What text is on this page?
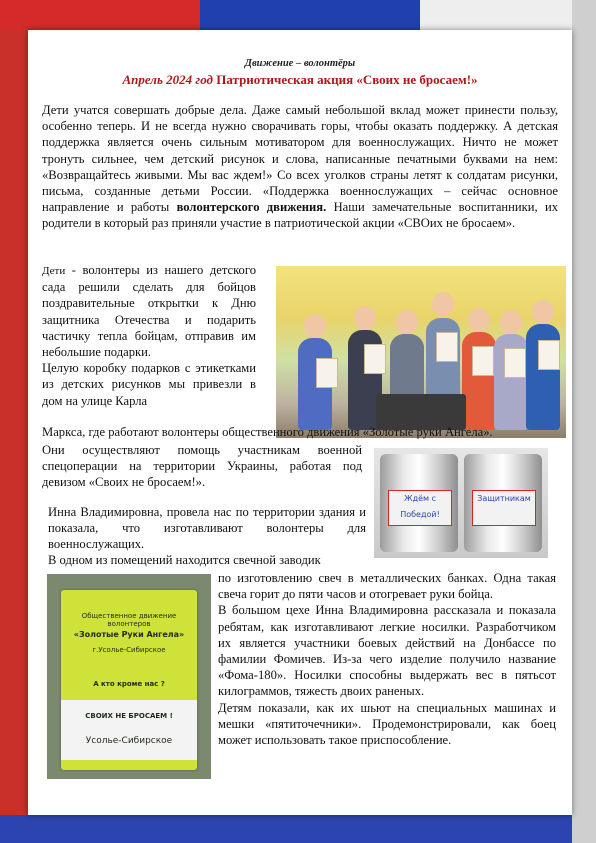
Движение – волонтёры
Апрель 2024 год Патриотическая акция «Своих не бросаем!»
Дети учатся совершать добрые дела. Даже самый небольшой вклад может принести пользу, особенно теперь. И не всегда нужно сворачивать горы, чтобы оказать поддержку. А детская поддержка является очень сильным мотиватором для военнослужащих. Ничто не может тронуть сильнее, чем детский рисунок и слова, написанные печатными буквами на нем: «Возвращайтесь живыми. Мы вас ждем!» Со всех уголков страны летят к солдатам рисунки, письма, созданные детьми России. «Поддержка военнослужащих – сейчас основное направление и работы волонтерского движения. Наши замечательные воспитанники, их родители в который раз приняли участие в патриотической акции «СВОих не бросаем».
Дети - волонтеры из нашего детского сада решили сделать для бойцов поздравительные открытки к Дню защитника Отечества и подарить частичку тепла бойцам, отправив им небольшие подарки.
Целую коробку подарков с этикетками из детских рисунков мы привезли в дом на улице Карла
Маркса, где работают волонтеры общественного движения «Золотые руки Ангела».
Они осуществляют помощь участникам военной спецоперации на территории Украины, работая под девизом «Своих не бросаем!».
Ждём с Победой!
Защитникам
Инна Владимировна, провела нас по территории здания и показала, что изготавливают волонтеры для военнослужащих.
В одном из помещений находится свечной заводик
Общественное движение волонтеров
«Золотые Руки Ангела»
г.Усолье-Сибирское
А кто кроме нас ?
СВОИХ НЕ БРОСАЕМ !
Усолье-Сибирское
по изготовлению свеч в металлических банках. Одна такая свеча горит до пяти часов и отогревает руки бойца.
В большом цехе Инна Владимировна рассказала и показала ребятам, как изготавливают легкие носилки. Разработчиком их является участники боевых действий на Донбассе по фамилии Фомичев. Из-за чего изделие получило название «Фома-180». Носилки способны выдержать вес в пятьсот килограммов, тяжесть двоих раненых.
Детям показали, как их шьют на специальных машинах и мешки «пятиточечники». Продемонстрировали, как боец может использовать такое приспособление.
